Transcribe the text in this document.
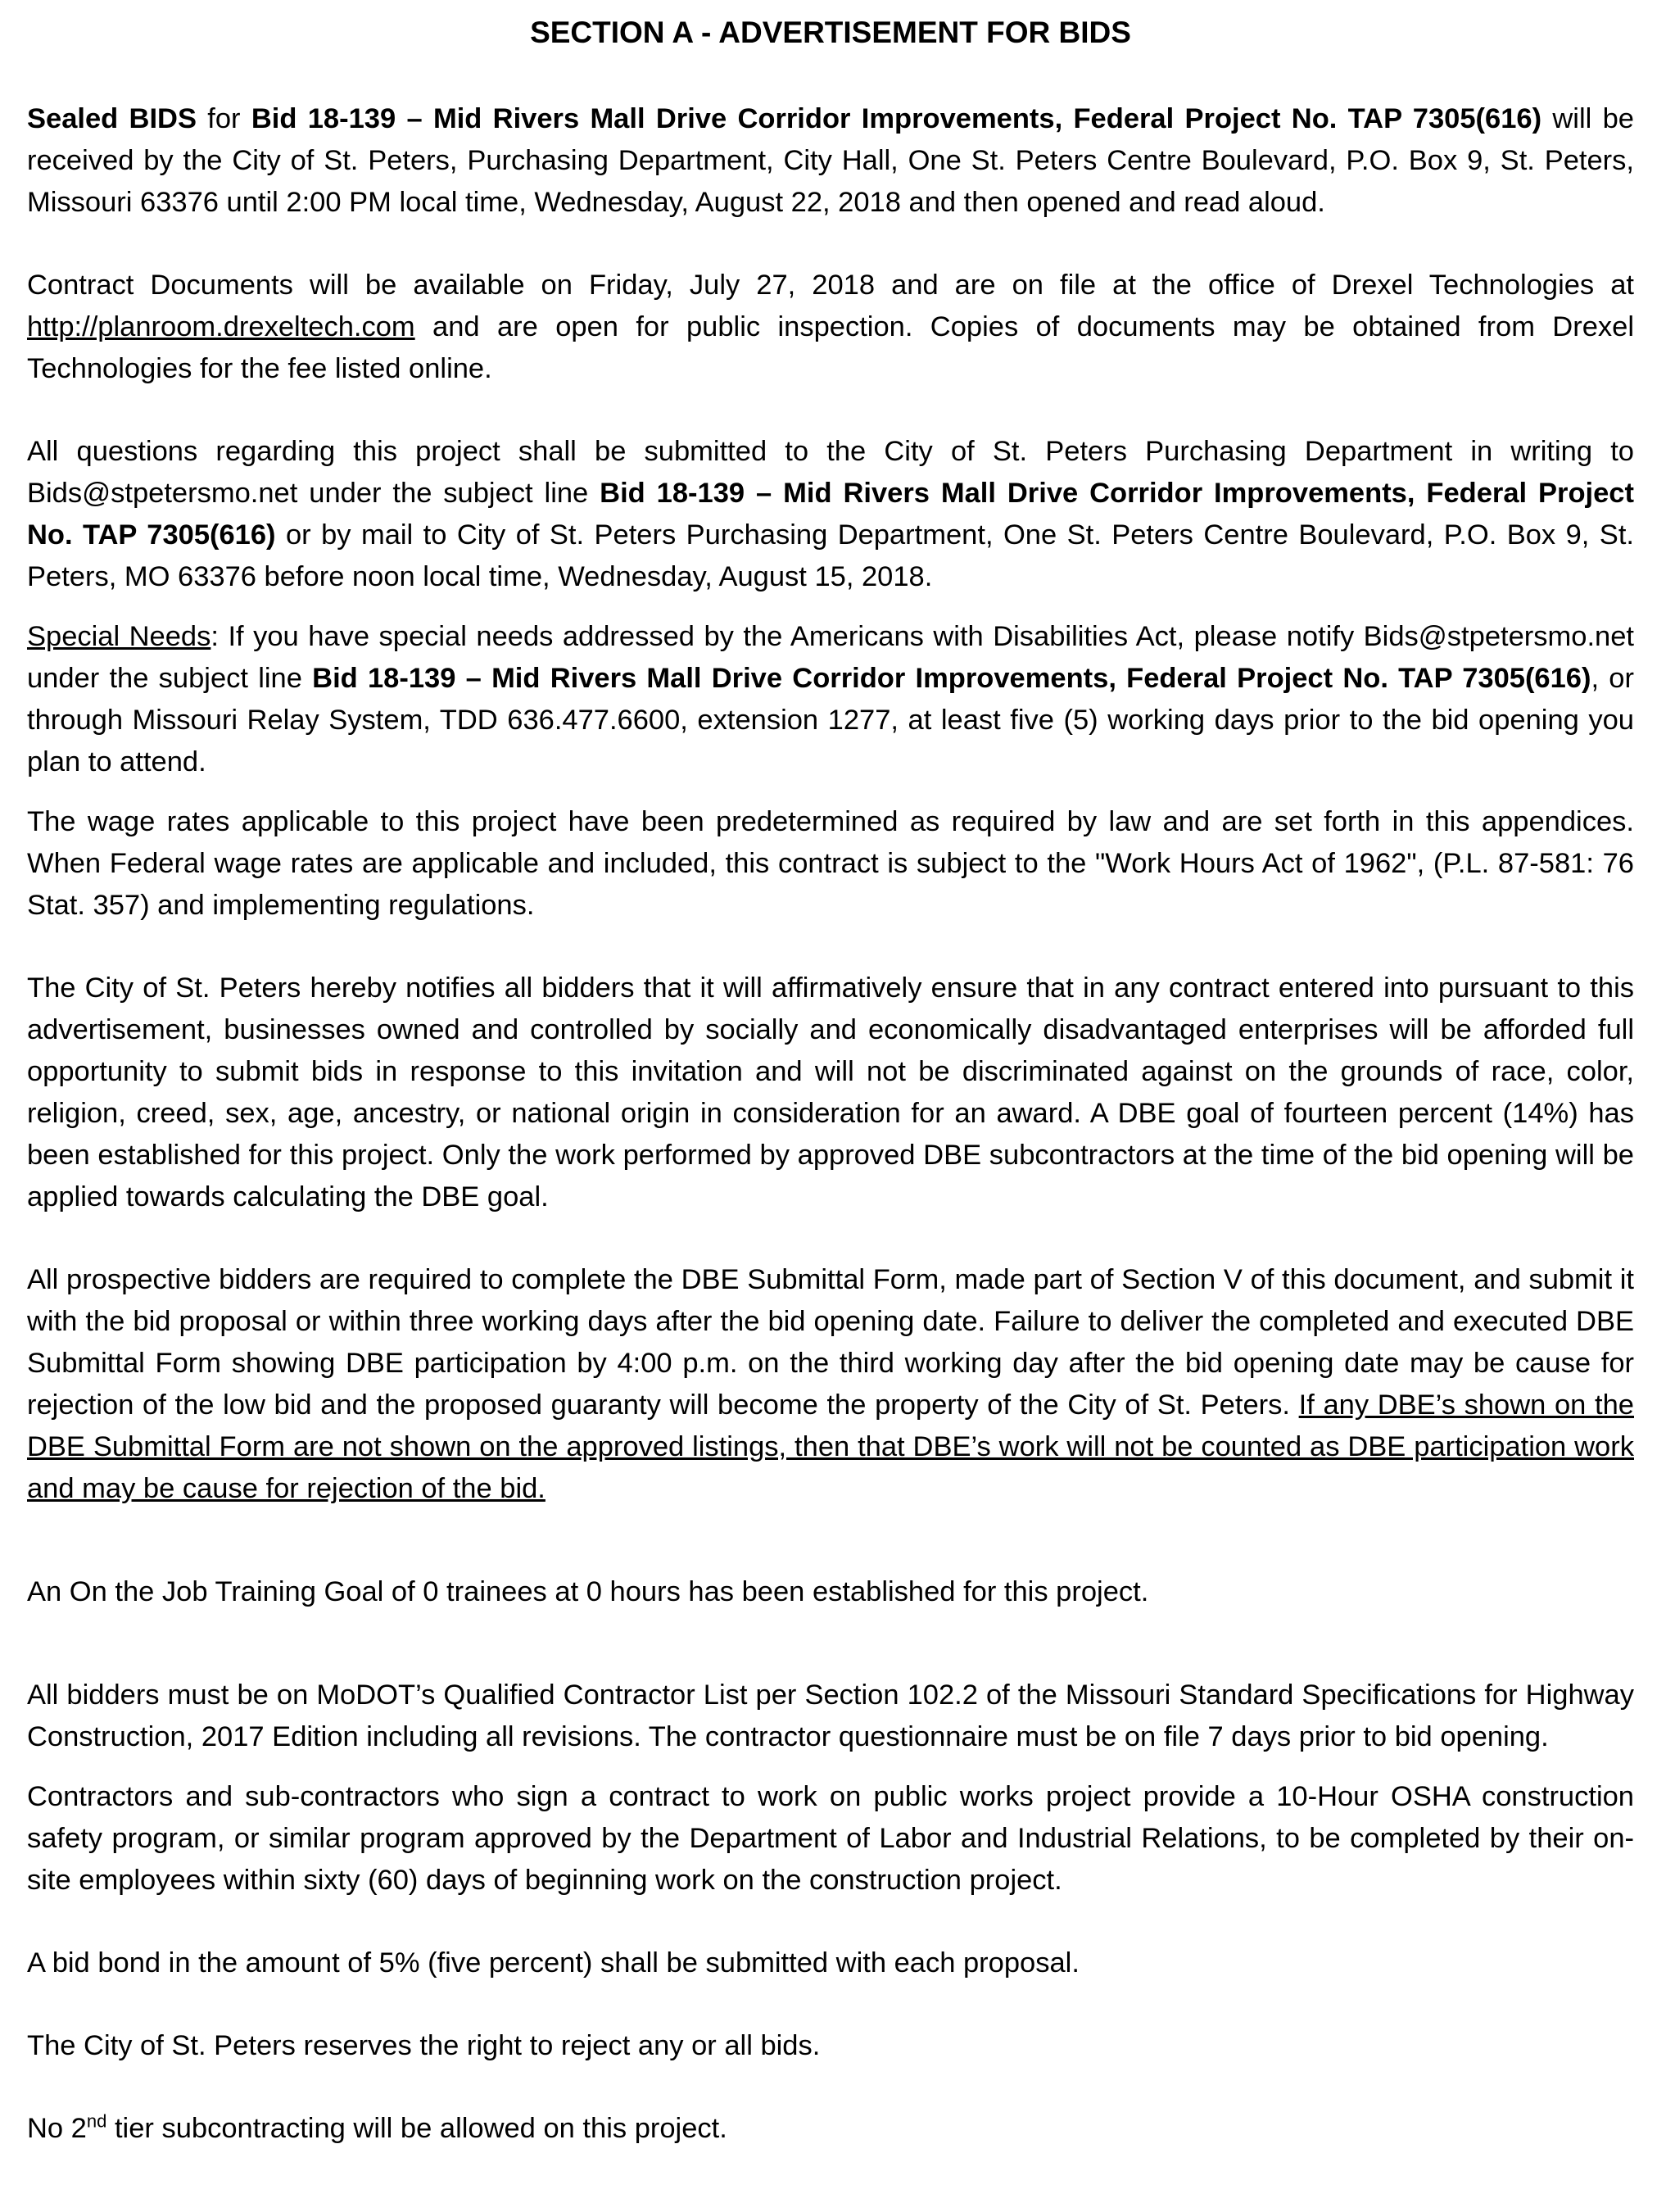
SECTION A - ADVERTISEMENT FOR BIDS

Sealed BIDS for Bid 18-139 – Mid Rivers Mall Drive Corridor Improvements, Federal Project No. TAP 7305(616) will be received by the City of St. Peters, Purchasing Department, City Hall, One St. Peters Centre Boulevard, P.O. Box 9, St. Peters, Missouri 63376 until 2:00 PM local time, Wednesday, August 22, 2018 and then opened and read aloud.

Contract Documents will be available on Friday, July 27, 2018 and are on file at the office of Drexel Technologies at http://planroom.drexeltech.com and are open for public inspection. Copies of documents may be obtained from Drexel Technologies for the fee listed online.

All questions regarding this project shall be submitted to the City of St. Peters Purchasing Department in writing to Bids@stpetersmo.net under the subject line Bid 18-139 – Mid Rivers Mall Drive Corridor Improvements, Federal Project No. TAP 7305(616) or by mail to City of St. Peters Purchasing Department, One St. Peters Centre Boulevard, P.O. Box 9, St. Peters, MO 63376 before noon local time, Wednesday, August 15, 2018.

Special Needs: If you have special needs addressed by the Americans with Disabilities Act, please notify Bids@stpetersmo.net under the subject line Bid 18-139 – Mid Rivers Mall Drive Corridor Improvements, Federal Project No. TAP 7305(616), or through Missouri Relay System, TDD 636.477.6600, extension 1277, at least five (5) working days prior to the bid opening you plan to attend.

The wage rates applicable to this project have been predetermined as required by law and are set forth in this appendices. When Federal wage rates are applicable and included, this contract is subject to the "Work Hours Act of 1962", (P.L. 87-581: 76 Stat. 357) and implementing regulations.

The City of St. Peters hereby notifies all bidders that it will affirmatively ensure that in any contract entered into pursuant to this advertisement, businesses owned and controlled by socially and economically disadvantaged enterprises will be afforded full opportunity to submit bids in response to this invitation and will not be discriminated against on the grounds of race, color, religion, creed, sex, age, ancestry, or national origin in consideration for an award. A DBE goal of fourteen percent (14%) has been established for this project. Only the work performed by approved DBE subcontractors at the time of the bid opening will be applied towards calculating the DBE goal.

All prospective bidders are required to complete the DBE Submittal Form, made part of Section V of this document, and submit it with the bid proposal or within three working days after the bid opening date. Failure to deliver the completed and executed DBE Submittal Form showing DBE participation by 4:00 p.m. on the third working day after the bid opening date may be cause for rejection of the low bid and the proposed guaranty will become the property of the City of St. Peters. If any DBE’s shown on the DBE Submittal Form are not shown on the approved listings, then that DBE’s work will not be counted as DBE participation work and may be cause for rejection of the bid.

An On the Job Training Goal of 0 trainees at 0 hours has been established for this project.

All bidders must be on MoDOT’s Qualified Contractor List per Section 102.2 of the Missouri Standard Specifications for Highway Construction, 2017 Edition including all revisions. The contractor questionnaire must be on file 7 days prior to bid opening.

Contractors and sub-contractors who sign a contract to work on public works project provide a 10-Hour OSHA construction safety program, or similar program approved by the Department of Labor and Industrial Relations, to be completed by their on-site employees within sixty (60) days of beginning work on the construction project.

A bid bond in the amount of 5% (five percent) shall be submitted with each proposal.

The City of St. Peters reserves the right to reject any or all bids.

No 2nd tier subcontracting will be allowed on this project.
